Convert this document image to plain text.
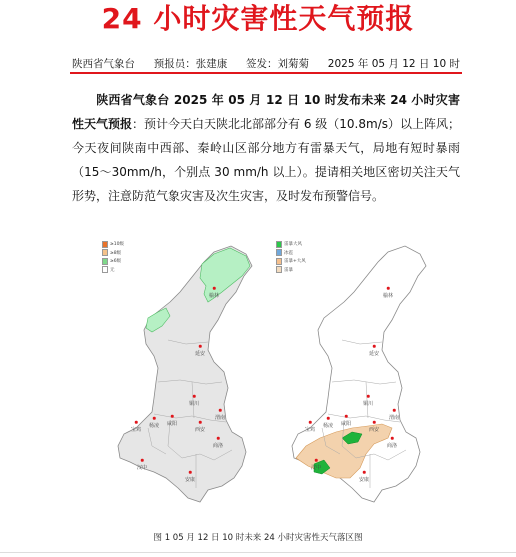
24 小时灾害性天气预报
陕西省气象台 预报员：张建康 签发：刘菊菊 2025 年 05 月 12 日 10 时
陕西省气象台 2025 年 05 月 12 日 10 时发布未来 24 小时灾害性天气预报：预计今天白天陕北北部部分有 6 级（10.8m/s）以上阵风；今天夜间陕南中西部、秦岭山区部分地方有雷暴天气，局地有短时暴雨（15～30mm/h，个别点 30 mm/h 以上）。提请相关地区密切关注天气形势，注意防范气象灾害及次生灾害，及时发布预警信号。
≥10级
≥8级
≥6级
无
榆林
延安
铜川
宝鸡
咸阳
西安
渭南
杨凌
汉中
商洛
安康
雷暴大风
冰雹
雷暴+大风
雷暴
榆林
延安
铜川
宝鸡
咸阳
西安
渭南
杨凌
汉中
商洛
安康
图 1 05 月 12 日 10 时未来 24 小时灾害性天气落区图
